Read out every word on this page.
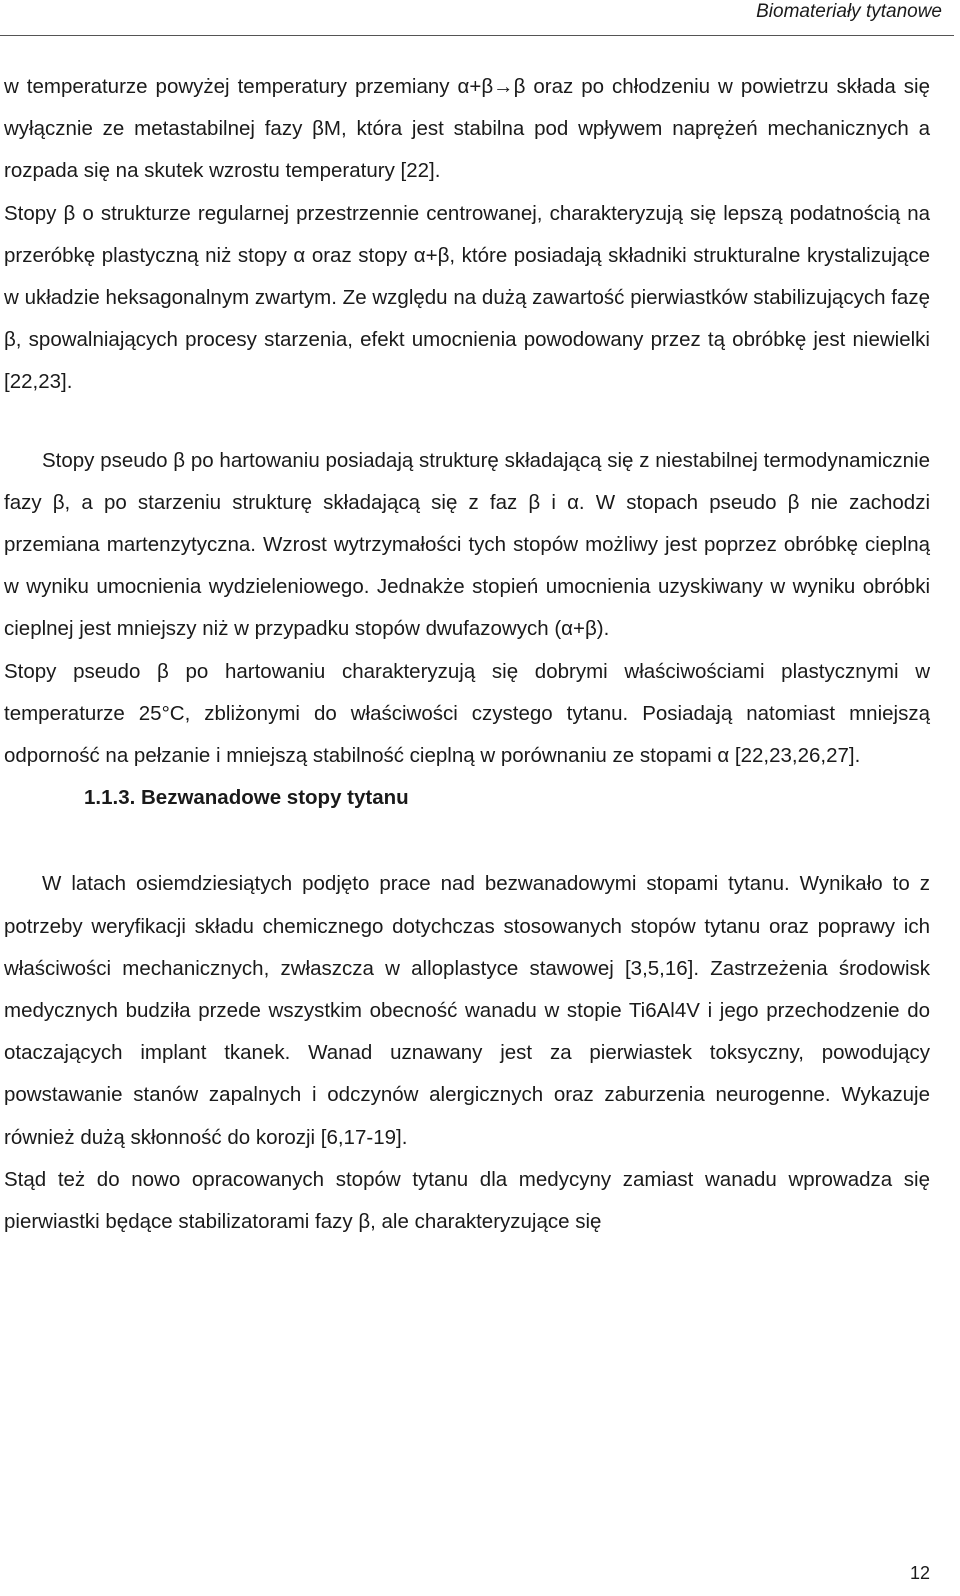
Biomateriały tytanowe

w temperaturze powyżej temperatury przemiany α+β→β oraz po chłodzeniu w powietrzu składa się wyłącznie ze metastabilnej fazy βM, która jest stabilna pod wpływem naprężeń mechanicznych a rozpada się na skutek wzrostu temperatury [22].

Stopy β o strukturze regularnej przestrzennie centrowanej, charakteryzują się lepszą podatnością na przeróbkę plastyczną niż stopy α oraz stopy α+β, które posiadają składniki strukturalne krystalizujące w układzie heksagonalnym zwartym. Ze względu na dużą zawartość pierwiastków stabilizujących fazę β, spowalniających procesy starzenia, efekt umocnienia powodowany przez tą obróbkę jest niewielki [22,23].

Stopy pseudo β po hartowaniu posiadają strukturę składającą się z niestabilnej termodynamicznie fazy β, a po starzeniu strukturę składającą się z faz β i α. W stopach pseudo β nie zachodzi przemiana martenzytyczna. Wzrost wytrzymałości tych stopów możliwy jest poprzez obróbkę cieplną w wyniku umocnienia wydzieleniowego. Jednakże stopień umocnienia uzyskiwany w wyniku obróbki cieplnej jest mniejszy niż w przypadku stopów dwufazowych (α+β).

Stopy pseudo β po hartowaniu charakteryzują się dobrymi właściwościami plastycznymi w temperaturze 25°C, zbliżonymi do właściwości czystego tytanu. Posiadają natomiast mniejszą odporność na pełzanie i mniejszą stabilność cieplną w porównaniu ze stopami α [22,23,26,27].

1.1.3. Bezwanadowe stopy tytanu

W latach osiemdziesiątych podjęto prace nad bezwanadowymi stopami tytanu. Wynikało to z potrzeby weryfikacji składu chemicznego dotychczas stosowanych stopów tytanu oraz poprawy ich właściwości mechanicznych, zwłaszcza w alloplastyce stawowej [3,5,16]. Zastrzeżenia środowisk medycznych budziła przede wszystkim obecność wanadu w stopie Ti6Al4V i jego przechodzenie do otaczających implant tkanek. Wanad uznawany jest za pierwiastek toksyczny, powodujący powstawanie stanów zapalnych i odczynów alergicznych oraz zaburzenia neurogenne. Wykazuje również dużą skłonność do korozji [6,17-19].

Stąd też do nowo opracowanych stopów tytanu dla medycyny zamiast wanadu wprowadza się pierwiastki będące stabilizatorami fazy β, ale charakteryzujące się

12
